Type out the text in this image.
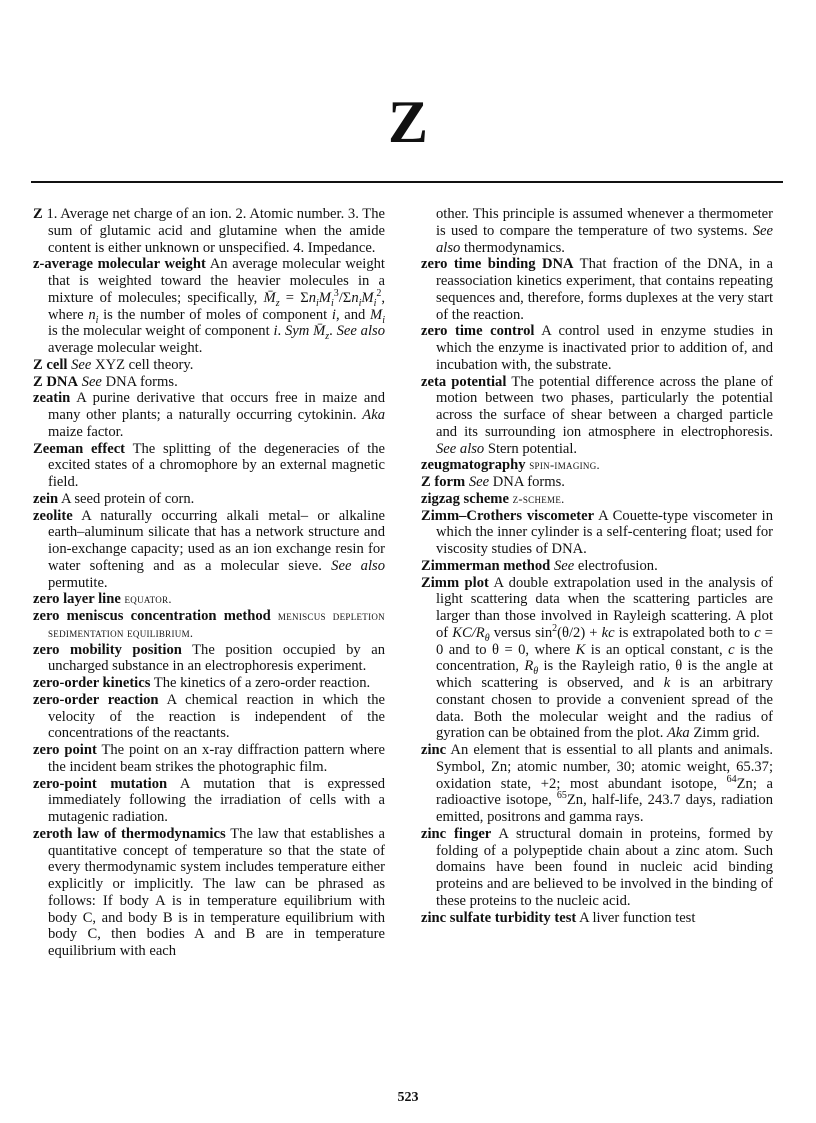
Z

Z 1. Average net charge of an ion. 2. Atomic number. 3. The sum of glutamic acid and glutamine when the amide content is either unknown or unspecified. 4. Impedance.

z-average molecular weight An average molecular weight that is weighted toward the heavier molecules in a mixture of molecules; specifically, $M̄_z = \Sigma n_iM_i^3/\Sigma n_iM_i^2$, where $n_i$ is the number of moles of component i, and $M_i$ is the molecular weight of component i. Sym $M̄_z$. See also average molecular weight.

Z cell See XYZ cell theory.

Z DNA See DNA forms.

zeatin A purine derivative that occurs free in maize and many other plants; a naturally occurring cytokinin. Aka maize factor.

Zeeman effect The splitting of the degeneracies of the excited states of a chromophore by an external magnetic field.

zein A seed protein of corn.

zeolite A naturally occurring alkali metal– or alkaline earth–aluminum silicate that has a network structure and ion-exchange capacity; used as an ion exchange resin for water softening and as a molecular sieve. See also permutite.

zero layer line equator.

zero meniscus concentration method meniscus depletion sedimentation equilibrium.

zero mobility position The position occupied by an uncharged substance in an electrophoresis experiment.

zero-order kinetics The kinetics of a zero-order reaction.

zero-order reaction A chemical reaction in which the velocity of the reaction is independent of the concentrations of the reactants.

zero point The point on an x-ray diffraction pattern where the incident beam strikes the photographic film.

zero-point mutation A mutation that is expressed immediately following the irradiation of cells with a mutagenic radiation.

zeroth law of thermodynamics The law that establishes a quantitative concept of temperature so that the state of every thermodynamic system includes temperature either explicitly or implicitly. The law can be phrased as follows: If body A is in temperature equilibrium with body C, and body B is in temperature equilibrium with body C, then bodies A and B are in temperature equilibrium with each

other. This principle is assumed whenever a thermometer is used to compare the temperature of two systems. See also thermodynamics.

zero time binding DNA That fraction of the DNA, in a reassociation kinetics experiment, that contains repeating sequences and, therefore, forms duplexes at the very start of the reaction.

zero time control A control used in enzyme studies in which the enzyme is inactivated prior to addition of, and incubation with, the substrate.

zeta potential The potential difference across the plane of motion between two phases, particularly the potential across the surface of shear between a charged particle and its surrounding ion atmosphere in electrophoresis. See also Stern potential.

zeugmatography spin-imaging.

Z form See DNA forms.

zigzag scheme z-scheme.

Zimm–Crothers viscometer A Couette-type viscometer in which the inner cylinder is a self-centering float; used for viscosity studies of DNA.

Zimmerman method See electrofusion.

Zimm plot A double extrapolation used in the analysis of light scattering data when the scattering particles are larger than those involved in Rayleigh scattering. A plot of $KC/R_\theta$ versus $\sin^2(\theta/2)$ + kc is extrapolated both to c = 0 and to θ = 0, where K is an optical constant, c is the concentration, $R_\theta$ is the Rayleigh ratio, θ is the angle at which scattering is observed, and k is an arbitrary constant chosen to provide a convenient spread of the data. Both the molecular weight and the radius of gyration can be obtained from the plot. Aka Zimm grid.

zinc An element that is essential to all plants and animals. Symbol, Zn; atomic number, 30; atomic weight, 65.37; oxidation state, +2; most abundant isotope, $^{64}$Zn; a radioactive isotope, $^{65}$Zn, half-life, 243.7 days, radiation emitted, positrons and gamma rays.

zinc finger A structural domain in proteins, formed by folding of a polypeptide chain about a zinc atom. Such domains have been found in nucleic acid binding proteins and are believed to be involved in the binding of these proteins to the nucleic acid.

zinc sulfate turbidity test A liver function test

523
